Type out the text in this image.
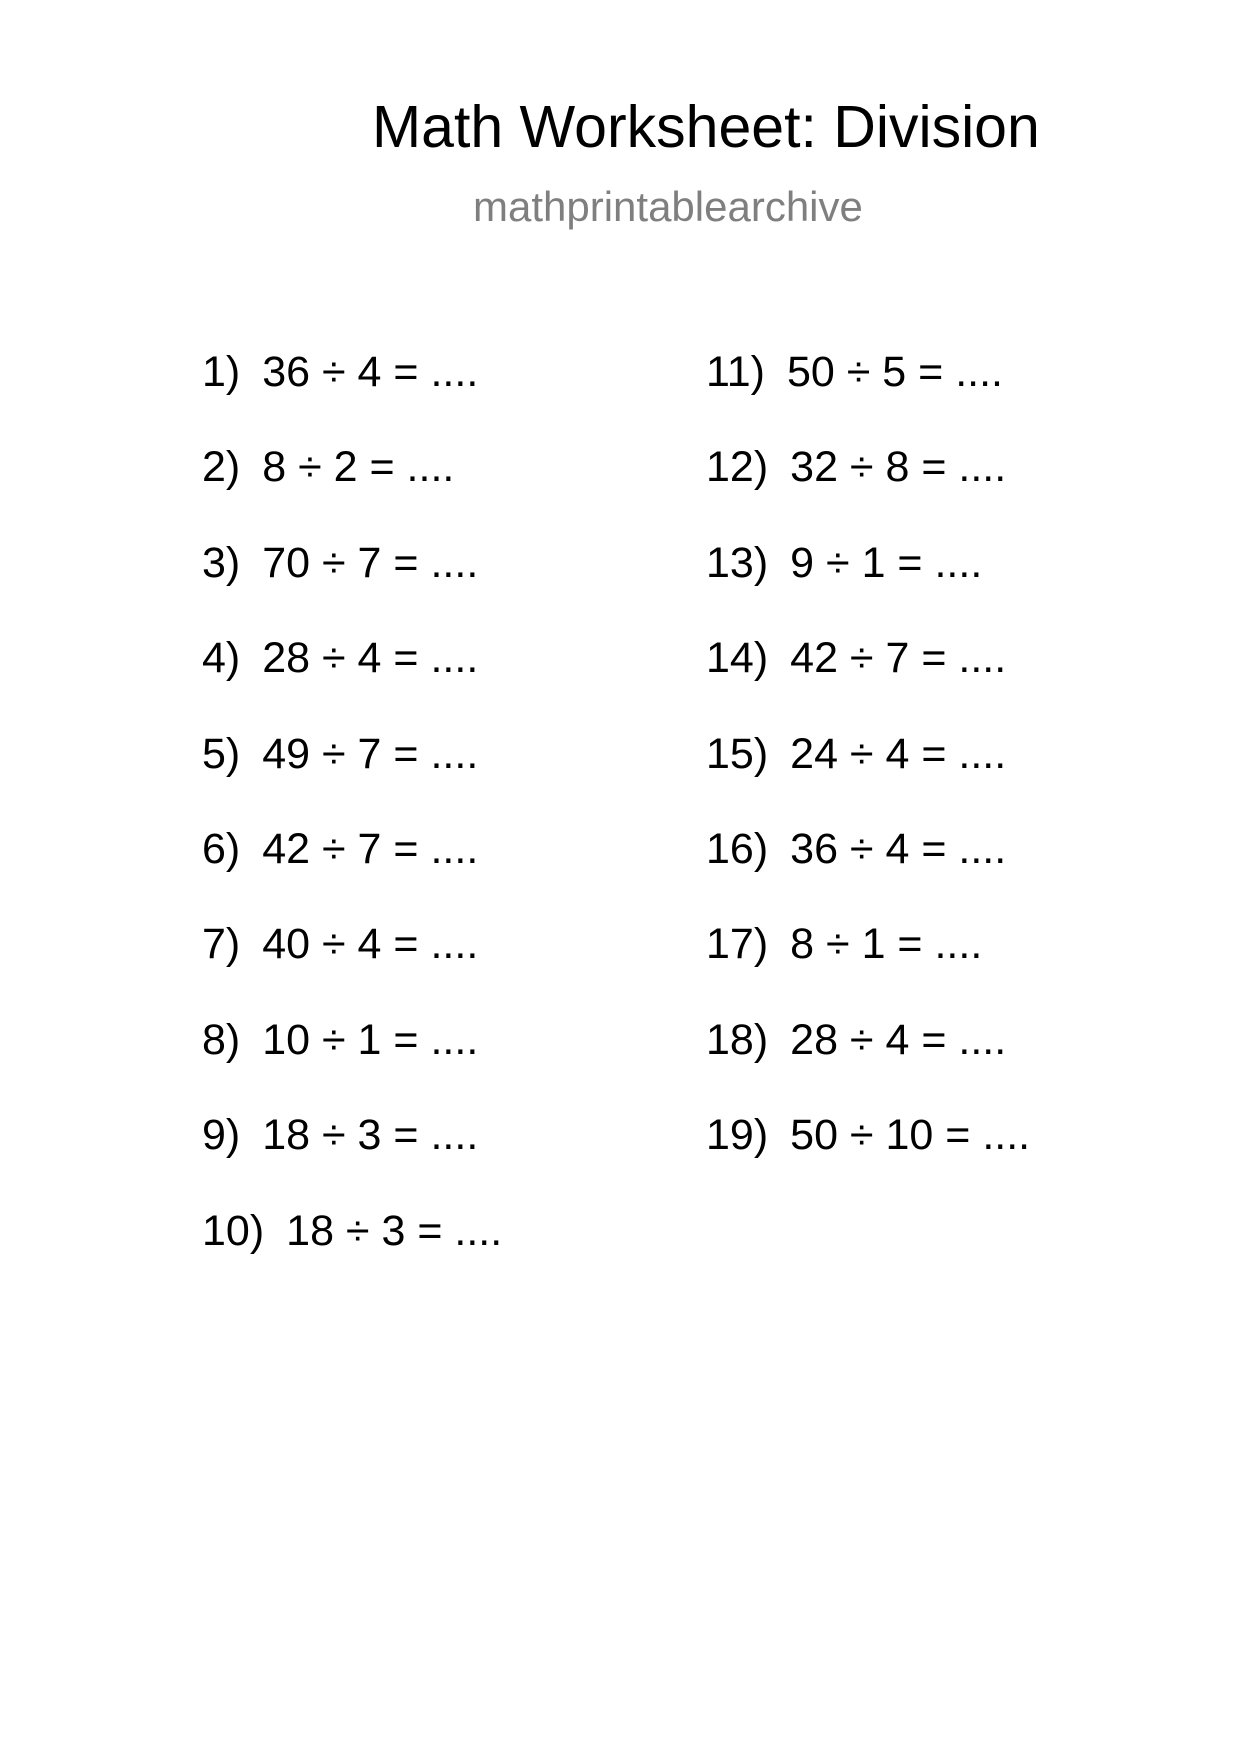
Math Worksheet: Division
mathprintablearchive
1) 36 ÷ 4 = ....
2) 8 ÷ 2 = ....
3) 70 ÷ 7 = ....
4) 28 ÷ 4 = ....
5) 49 ÷ 7 = ....
6) 42 ÷ 7 = ....
7) 40 ÷ 4 = ....
8) 10 ÷ 1 = ....
9) 18 ÷ 3 = ....
10) 18 ÷ 3 = ....
11) 50 ÷ 5 = ....
12) 32 ÷ 8 = ....
13) 9 ÷ 1 = ....
14) 42 ÷ 7 = ....
15) 24 ÷ 4 = ....
16) 36 ÷ 4 = ....
17) 8 ÷ 1 = ....
18) 28 ÷ 4 = ....
19) 50 ÷ 10 = ....
